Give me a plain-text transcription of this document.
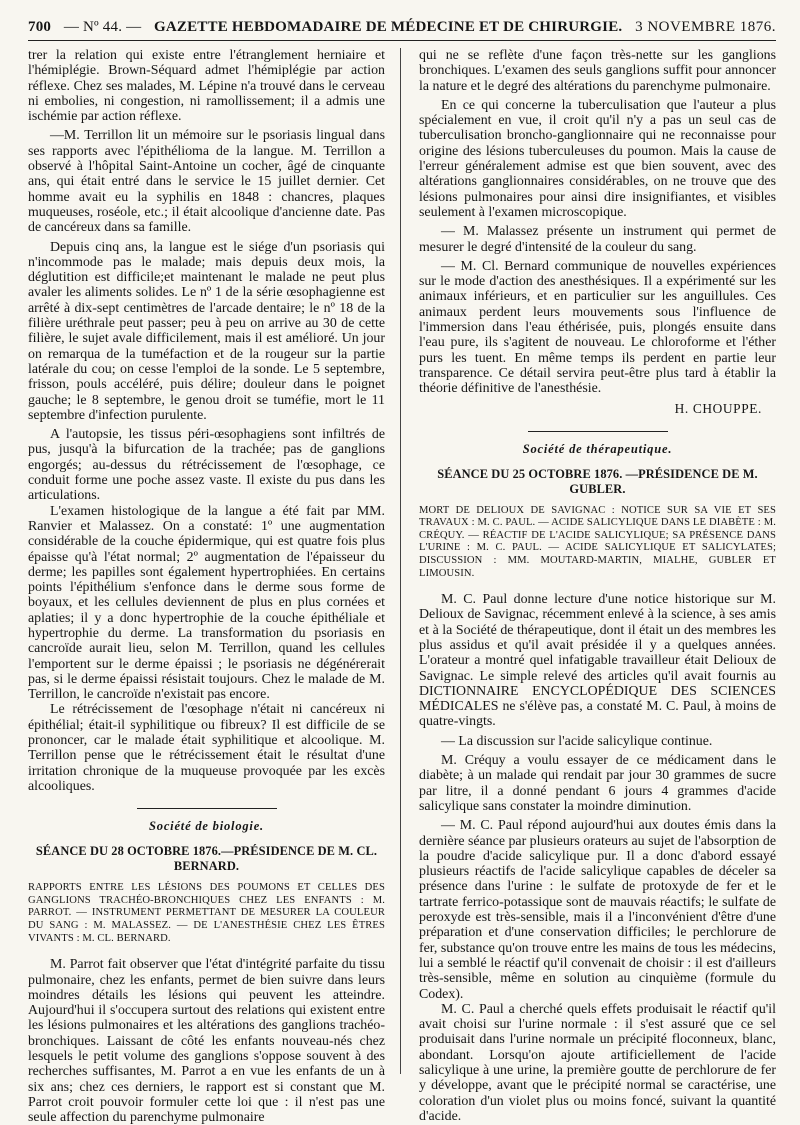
700 — Nº 44. — GAZETTE HEBDOMADAIRE DE MÉDECINE ET DE CHIRURGIE. 3 NOVEMBRE 1876.

trer la relation qui existe entre l'étranglement herniaire et l'hémiplégie. Brown-Séquard admet l'hémiplégie par action réflexe. Chez ses malades, M. Lépine n'a trouvé dans le cerveau ni embolies, ni congestion, ni ramollissement; il a admis une ischémie par action réflexe.

—M. Terrillon lit un mémoire sur le psoriasis lingual dans ses rapports avec l'épithélioma de la langue. M. Terrillon a observé à l'hôpital Saint-Antoine un cocher, âgé de cinquante ans, qui était entré dans le service le 15 juillet dernier. Cet homme avait eu la syphilis en 1848 : chancres, plaques muqueuses, roséole, etc.; il était alcoolique d'ancienne date. Pas de cancéreux dans sa famille.

Depuis cinq ans, la langue est le siége d'un psoriasis qui n'incommode pas le malade; mais depuis deux mois, la déglutition est difficile;et maintenant le malade ne peut plus avaler les aliments solides. Le nº 1 de la série œsophagienne est arrêté à dix-sept centimètres de l'arcade dentaire; le nº 18 de la filière uréthrale peut passer; peu à peu on arrive au 30 de cette filière, le sujet avale difficilement, mais il est amélioré. Un jour on remarqua de la tuméfaction et de la rougeur sur la partie latérale du cou; on cesse l'emploi de la sonde. Le 5 septembre, frisson, pouls accéléré, puis délire; douleur dans le poignet gauche; le 8 septembre, le genou droit se tuméfie, mort le 11 septembre d'infection purulente.

A l'autopsie, les tissus péri-œsophagiens sont infiltrés de pus, jusqu'à la bifurcation de la trachée; pas de ganglions engorgés; au-dessus du rétrécissement de l'œsophage, ce conduit forme une poche assez vaste. Il existe du pus dans les articulations.

L'examen histologique de la langue a été fait par MM. Ranvier et Malassez. On a constaté: 1º une augmentation considérable de la couche épidermique, qui est quatre fois plus épaisse qu'à l'état normal; 2º augmentation de l'épaisseur du derme; les papilles sont également hypertrophiées. En certains points l'épithélium s'enfonce dans le derme sous forme de boyaux, et les cellules deviennent de plus en plus cornées et aplaties; il y a donc hypertrophie de la couche épithéliale et hypertrophie du derme. La transformation du psoriasis en cancroïde aurait lieu, selon M. Terrillon, quand les cellules l'emportent sur le derme épaissi ; le psoriasis ne dégénérerait pas, si le derme épaissi résistait toujours. Chez le malade de M. Terrillon, le cancroïde n'existait pas encore.

Le rétrécissement de l'œsophage n'était ni cancéreux ni épithélial; était-il syphilitique ou fibreux? Il est difficile de se prononcer, car le malade était syphilitique et alcoolique. M. Terrillon pense que le rétrécissement était le résultat d'une irritation chronique de la muqueuse provoquée par les excès alcooliques.

Société de biologie.
SÉANCE DU 28 OCTOBRE 1876.—PRÉSIDENCE DE M. CL. BERNARD.
RAPPORTS ENTRE LES LÉSIONS DES POUMONS ET CELLES DES GANGLIONS TRACHÉO-BRONCHIQUES CHEZ LES ENFANTS : M. PARROT. — INSTRUMENT PERMETTANT DE MESURER LA COULEUR DU SANG : M. MALASSEZ. — DE L'ANESTHÉSIE CHEZ LES ÊTRES VIVANTS : M. CL. BERNARD.

M. Parrot fait observer que l'état d'intégrité parfaite du tissu pulmonaire, chez les enfants, permet de bien suivre dans leurs moindres détails les lésions qui peuvent les atteindre. Aujourd'hui il s'occupera surtout des relations qui existent entre les lésions pulmonaires et les altérations des ganglions trachéo-bronchiques. Laissant de côté les enfants nouveau-nés chez lesquels le petit volume des ganglions s'oppose souvent à des recherches suffisantes, M. Parrot a en vue les enfants de un à six ans; chez ces derniers, le rapport est si constant que M. Parrot croit pouvoir formuler cette loi que : il n'est pas une seule affection du parenchyme pulmonaire

qui ne se reflète d'une façon très-nette sur les ganglions bronchiques. L'examen des seuls ganglions suffit pour annoncer la nature et le degré des altérations du parenchyme pulmonaire.

En ce qui concerne la tuberculisation que l'auteur a plus spécialement en vue, il croit qu'il n'y a pas un seul cas de tuberculisation broncho-ganglionnaire qui ne reconnaisse pour origine des lésions tuberculeuses du poumon. Mais la cause de l'erreur généralement admise est que bien souvent, avec des altérations ganglionnaires considérables, on ne trouve que des lésions pulmonaires pour ainsi dire insignifiantes, et visibles seulement à l'examen microscopique.

— M. Malassez présente un instrument qui permet de mesurer le degré d'intensité de la couleur du sang.

— M. Cl. Bernard communique de nouvelles expériences sur le mode d'action des anesthésiques. Il a expérimenté sur les animaux inférieurs, et en particulier sur les anguillules. Ces animaux perdent leurs mouvements sous l'influence de l'immersion dans l'eau éthérisée, puis, plongés ensuite dans l'eau pure, ils s'agitent de nouveau. Le chloroforme et l'éther purs les tuent. En même temps ils perdent en partie leur transparence. Ce détail servira peut-être plus tard à établir la théorie définitive de l'anesthésie.

H. CHOUPPE.
Société de thérapeutique.
SÉANCE DU 25 OCTOBRE 1876. —PRÉSIDENCE DE M. GUBLER.
MORT DE DELIOUX DE SAVIGNAC : NOTICE SUR SA VIE ET SES TRAVAUX : M. C. PAUL. — ACIDE SALICYLIQUE DANS LE DIABÈTE : M. CRÉQUY. — RÉACTIF DE L'ACIDE SALICYLIQUE; SA PRÉSENCE DANS L'URINE : M. C. PAUL. — ACIDE SALICYLIQUE ET SALICYLATES; DISCUSSION : MM. MOUTARD-MARTIN, MIALHE, GUBLER ET LIMOUSIN.

M. C. Paul donne lecture d'une notice historique sur M. Delioux de Savignac, récemment enlevé à la science, à ses amis et à la Société de thérapeutique, dont il était un des membres les plus assidus et qu'il avait présidée il y a quelques années. L'orateur a montré quel infatigable travailleur était Delioux de Savignac. Le simple relevé des articles qu'il avait fournis au DICTIONNAIRE ENCYCLOPÉDIQUE DES SCIENCES MÉDICALES ne s'élève pas, a constaté M. C. Paul, à moins de quatre-vingts.

— La discussion sur l'acide salicylique continue.

M. Créquy a voulu essayer de ce médicament dans le diabète; à un malade qui rendait par jour 30 grammes de sucre par litre, il a donné pendant 6 jours 4 grammes d'acide salicylique sans constater la moindre diminution.

— M. C. Paul répond aujourd'hui aux doutes émis dans la dernière séance par plusieurs orateurs au sujet de l'absorption de la poudre d'acide salicylique pur. Il a donc d'abord essayé plusieurs réactifs de l'acide salicylique capables de déceler sa présence dans l'urine : le sulfate de protoxyde de fer et le tartrate ferrico-potassique sont de mauvais réactifs; le sulfate de peroxyde est très-sensible, mais il a l'inconvénient d'être d'une préparation et d'une conservation difficiles; le perchlorure de fer, substance qu'on trouve entre les mains de tous les médecins, lui a semblé le réactif qu'il convenait de choisir : il est d'ailleurs très-sensible, même en solution au cinquième (formule du Codex).

M. C. Paul a cherché quels effets produisait le réactif qu'il avait choisi sur l'urine normale : il s'est assuré que ce sel produisait dans l'urine normale un précipité floconneux, blanc, abondant. Lorsqu'on ajoute artificiellement de l'acide salicylique à une urine, la première goutte de perchlorure de fer y développe, avant que le précipité normal se caractérise, une coloration d'un violet plus ou moins foncé, suivant la quantité d'acide.
